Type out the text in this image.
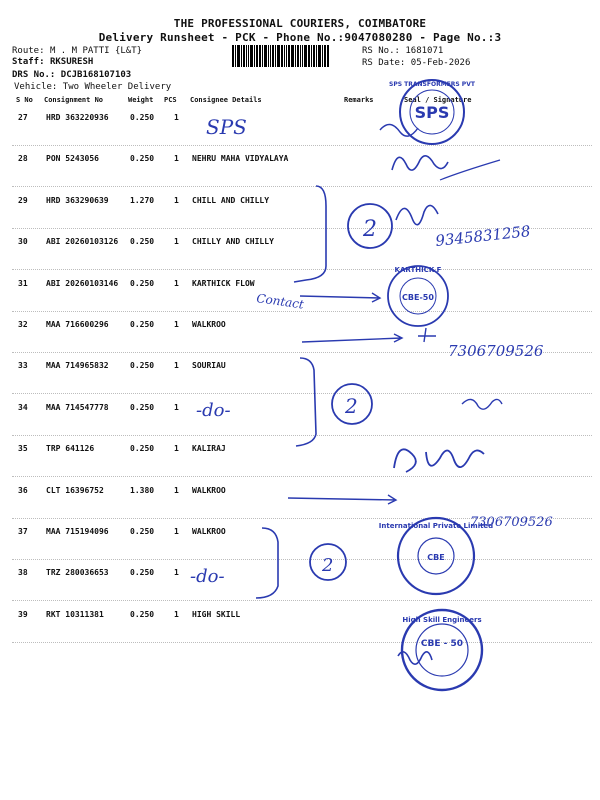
THE PROFESSIONAL COURIERS, COIMBATORE
Delivery Runsheet - PCK - Phone No.:9047080280 - Page No.:3
Route: M . M PATTI {L&T}
Staff: RKSURESH
DRS No.: DCJB168107103
Vehicle: Two Wheeler Delivery
RS No.: 1681071
RS Date: 05-Feb-2026
S No Consignment No	Weight PCS Consignee Details	Remarks	Seal / Signature
27 HRD 363220936	0.250 1
28 PON 5243056	0.250 1 NEHRU MAHA VIDYALAYA
29 HRD 363290639	1.270 1 CHILL AND CHILLY
30 ABI 20260103126 0.250 1 CHILLY AND CHILLY
31 ABI 20260103146 0.250 1 KARTHICK FLOW
32 MAA 716600296	0.250 1 WALKROO
33 MAA 714965832	0.250 1 SOURIAU
34 MAA 714547778	0.250 1
35 TRP 641126	0.250 1 KALIRAJ
36 CLT 16396752	1.380 1 WALKROO
37 MAA 715194096	0.250 1 WALKROO
38 TRZ 280036653	0.250 1
39 RKT 10311381	0.250 1 HIGH SKILL
SPS
SPS TRANSFORMERS PVT
SPS
2	9345831258
KARTHICK F
CBE-50
Contact
7306709526
2
-do-
7306709526
International Private Limited
CBE
2
-do-
High Skill Engineers
CBE - 50
